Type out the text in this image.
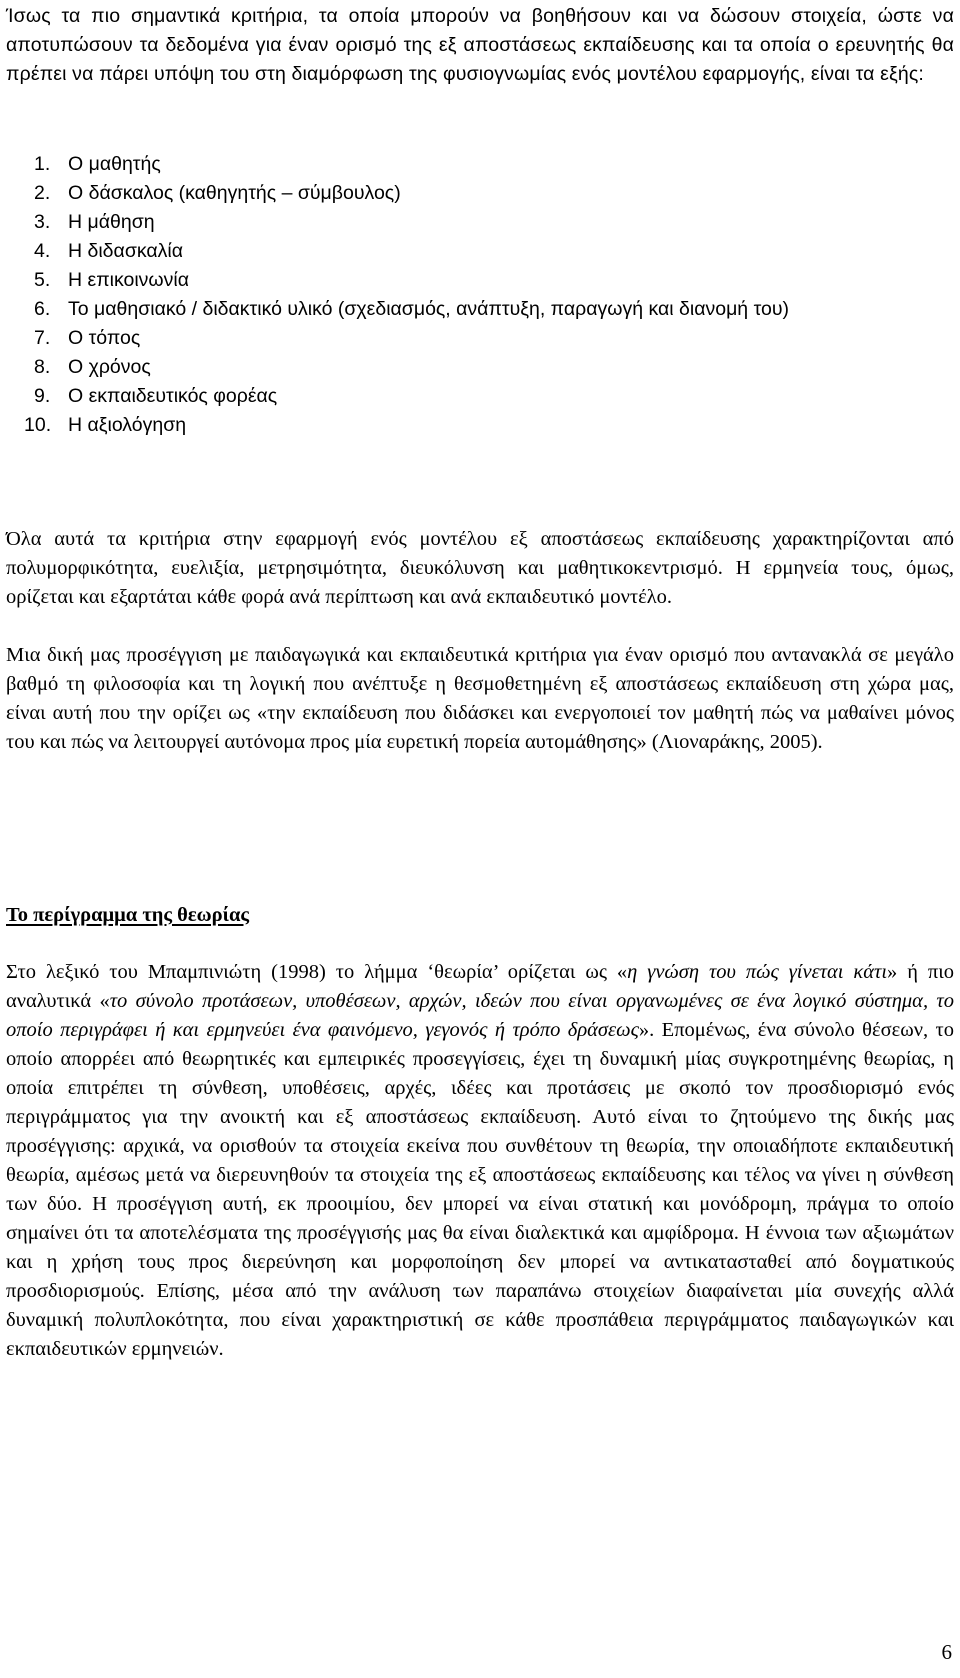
Ίσως τα πιο σημαντικά κριτήρια, τα οποία μπορούν να βοηθήσουν και να δώσουν στοιχεία, ώστε να αποτυπώσουν τα δεδομένα για έναν ορισμό της εξ αποστάσεως εκπαίδευσης και τα οποία ο ερευνητής θα πρέπει να πάρει υπόψη του στη διαμόρφωση της φυσιογνωμίας ενός μοντέλου εφαρμογής, είναι τα εξής:

1. Ο μαθητής
2. Ο δάσκαλος (καθηγητής – σύμβουλος)
3. Η μάθηση
4. Η διδασκαλία
5. Η επικοινωνία
6. Το μαθησιακό / διδακτικό υλικό (σχεδιασμός, ανάπτυξη, παραγωγή και διανομή του)
7. Ο τόπος
8. Ο χρόνος
9. Ο εκπαιδευτικός φορέας
10. Η αξιολόγηση

Όλα αυτά τα κριτήρια στην εφαρμογή ενός μοντέλου εξ αποστάσεως εκπαίδευσης χαρακτηρίζονται από πολυμορφικότητα, ευελιξία, μετρησιμότητα, διευκόλυνση και μαθητικοκεντρισμό. Η ερμηνεία τους, όμως, ορίζεται και εξαρτάται κάθε φορά ανά περίπτωση και ανά εκπαιδευτικό μοντέλο.

Μια δική μας προσέγγιση με παιδαγωγικά και εκπαιδευτικά κριτήρια για έναν ορισμό που αντανακλά σε μεγάλο βαθμό τη φιλοσοφία και τη λογική που ανέπτυξε η θεσμοθετημένη εξ αποστάσεως εκπαίδευση στη χώρα μας, είναι αυτή που την ορίζει ως «την εκπαίδευση που διδάσκει και ενεργοποιεί τον μαθητή πώς να μαθαίνει μόνος του και πώς να λειτουργεί αυτόνομα προς μία ευρετική πορεία αυτομάθησης» (Λιοναράκης, 2005).

Το περίγραμμα της θεωρίας

Στο λεξικό του Μπαμπινιώτη (1998) το λήμμα ‘θεωρία’ ορίζεται ως «η γνώση του πώς γίνεται κάτι» ή πιο αναλυτικά «το σύνολο προτάσεων, υποθέσεων, αρχών, ιδεών που είναι οργανωμένες σε ένα λογικό σύστημα, το οποίο περιγράφει ή και ερμηνεύει ένα φαινόμενο, γεγονός ή τρόπο δράσεως». Επομένως, ένα σύνολο θέσεων, το οποίο απορρέει από θεωρητικές και εμπειρικές προσεγγίσεις, έχει τη δυναμική μίας συγκροτημένης θεωρίας, η οποία επιτρέπει τη σύνθεση, υποθέσεις, αρχές, ιδέες και προτάσεις με σκοπό τον προσδιορισμό ενός περιγράμματος για την ανοικτή και εξ αποστάσεως εκπαίδευση. Αυτό είναι το ζητούμενο της δικής μας προσέγγισης: αρχικά, να ορισθούν τα στοιχεία εκείνα που συνθέτουν τη θεωρία, την οποιαδήποτε εκπαιδευτική θεωρία, αμέσως μετά να διερευνηθούν τα στοιχεία της εξ αποστάσεως εκπαίδευσης και τέλος να γίνει η σύνθεση των δύο. Η προσέγγιση αυτή, εκ προοιμίου, δεν μπορεί να είναι στατική και μονόδρομη, πράγμα το οποίο σημαίνει ότι τα αποτελέσματα της προσέγγισής μας θα είναι διαλεκτικά και αμφίδρομα. Η έννοια των αξιωμάτων και η χρήση τους προς διερεύνηση και μορφοποίηση δεν μπορεί να αντικατασταθεί από δογματικούς προσδιορισμούς. Επίσης, μέσα από την ανάλυση των παραπάνω στοιχείων διαφαίνεται μία συνεχής αλλά δυναμική πολυπλοκότητα, που είναι χαρακτηριστική σε κάθε προσπάθεια περιγράμματος παιδαγωγικών και εκπαιδευτικών ερμηνειών.

6
